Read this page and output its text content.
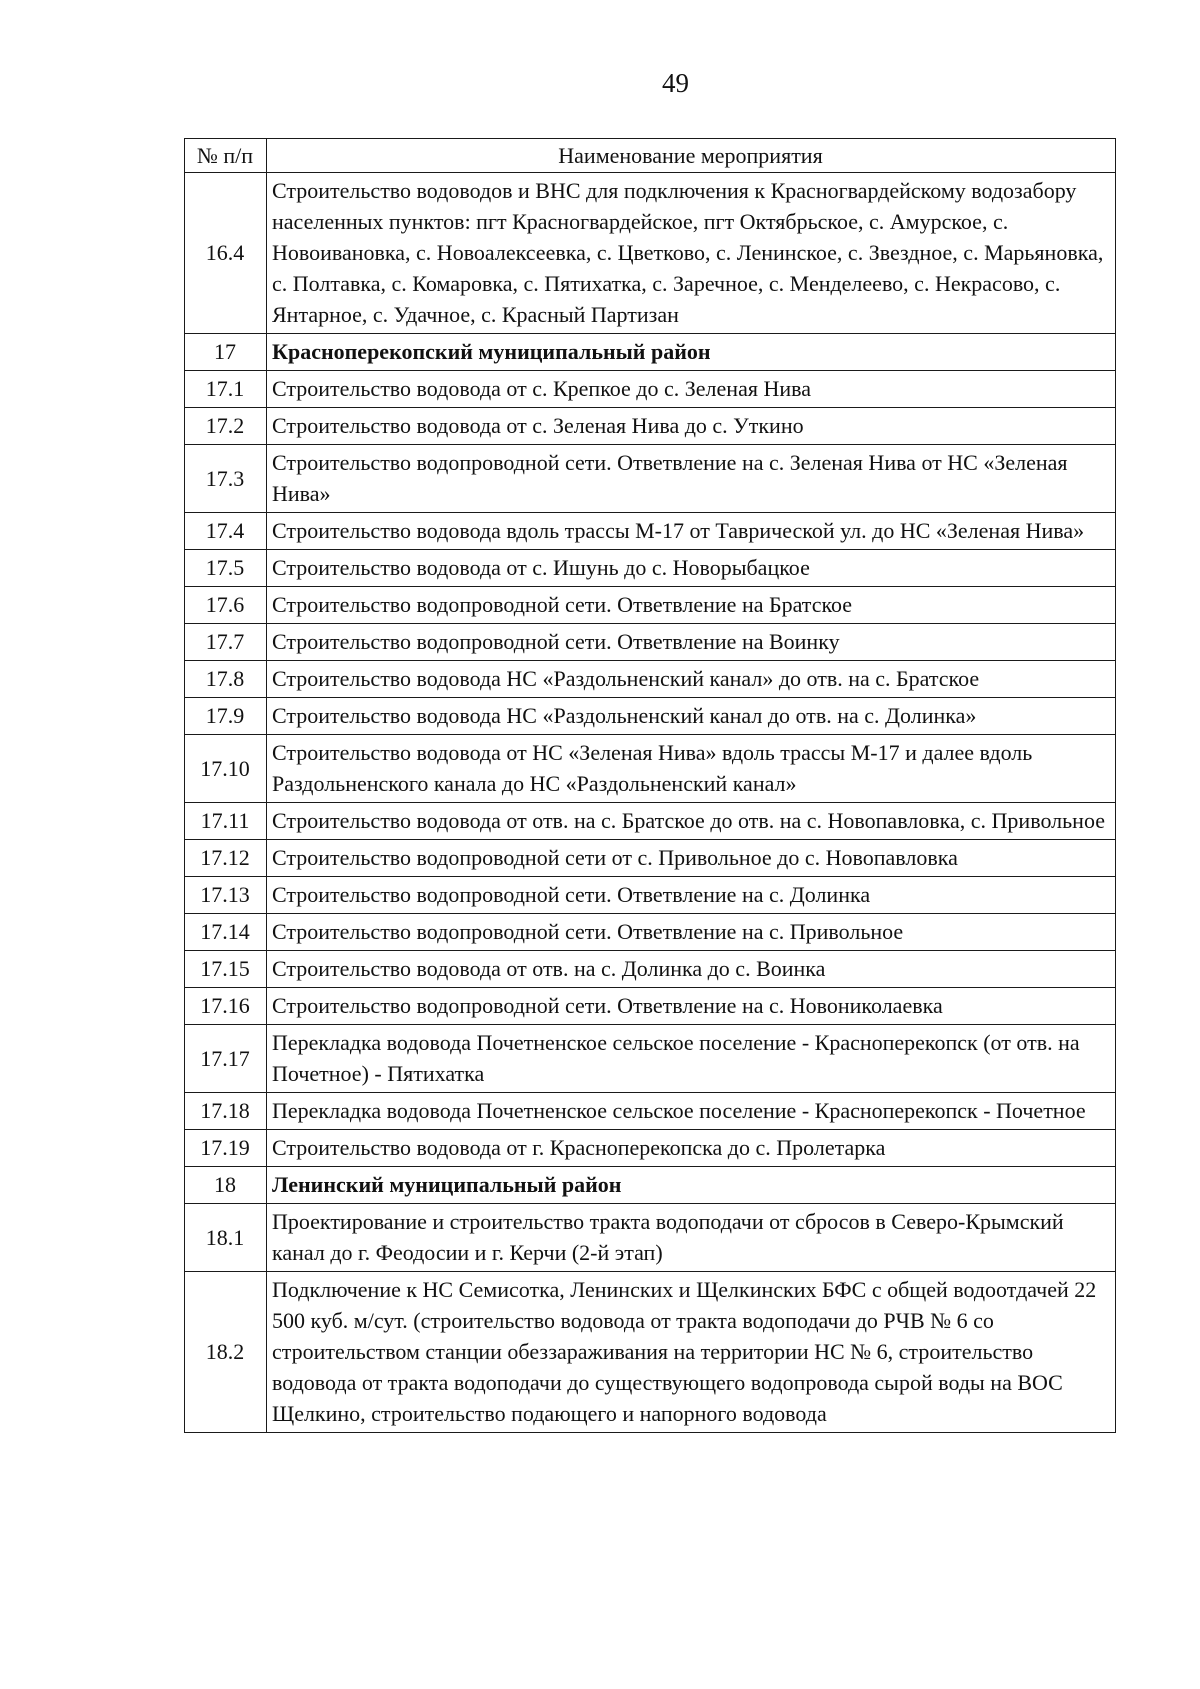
49
№ п/п	Наименование мероприятия
16.4	Строительство водоводов и ВНС для подключения к Красногвардейскому водозабору населенных пунктов: пгт Красногвардейское, пгт Октябрьское, с. Амурское, с. Новоивановка, с. Новоалексеевка, с. Цветково, с. Ленинское, с. Звездное, с. Марьяновка, с. Полтавка, с. Комаровка, с. Пятихатка, с. Заречное, с. Менделеево, с. Некрасово, с. Янтарное, с. Удачное, с. Красный Партизан
17	Красноперекопский муниципальный район
17.1	Строительство водовода от с. Крепкое до с. Зеленая Нива
17.2	Строительство водовода от с. Зеленая Нива до с. Уткино
17.3	Строительство водопроводной сети. Ответвление на с. Зеленая Нива от НС «Зеленая Нива»
17.4	Строительство водовода вдоль трассы М-17 от Таврической ул. до НС «Зеленая Нива»
17.5	Строительство водовода от с. Ишунь до с. Новорыбацкое
17.6	Строительство водопроводной сети. Ответвление на Братское
17.7	Строительство водопроводной сети. Ответвление на Воинку
17.8	Строительство водовода НС «Раздольненский канал» до отв. на с. Братское
17.9	Строительство водовода НС «Раздольненский канал до отв. на с. Долинка»
17.10	Строительство водовода от НС «Зеленая Нива» вдоль трассы М-17 и далее вдоль Раздольненского канала до НС «Раздольненский канал»
17.11	Строительство водовода от отв. на с. Братское до отв. на с. Новопавловка, с. Привольное
17.12	Строительство водопроводной сети от с. Привольное до с. Новопавловка
17.13	Строительство водопроводной сети. Ответвление на с. Долинка
17.14	Строительство водопроводной сети. Ответвление на с. Привольное
17.15	Строительство водовода от отв. на с. Долинка до с. Воинка
17.16	Строительство водопроводной сети. Ответвление на с. Новониколаевка
17.17	Перекладка водовода Почетненское сельское поселение - Красноперекопск (от отв. на Почетное) - Пятихатка
17.18	Перекладка водовода Почетненское сельское поселение - Красноперекопск - Почетное
17.19	Строительство водовода от г. Красноперекопска до с. Пролетарка
18	Ленинский муниципальный район
18.1	Проектирование и строительство тракта водоподачи от сбросов в Северо-Крымский канал до г. Феодосии и г. Керчи (2-й этап)
18.2	Подключение к НС Семисотка, Ленинских и Щелкинских БФС с общей водоотдачей 22 500 куб. м/сут. (строительство водовода от тракта водоподачи до РЧВ № 6 со строительством станции обеззараживания на территории НС № 6, строительство водовода от тракта водоподачи до существующего водопровода сырой воды на ВОС Щелкино, строительство подающего и напорного водовода
